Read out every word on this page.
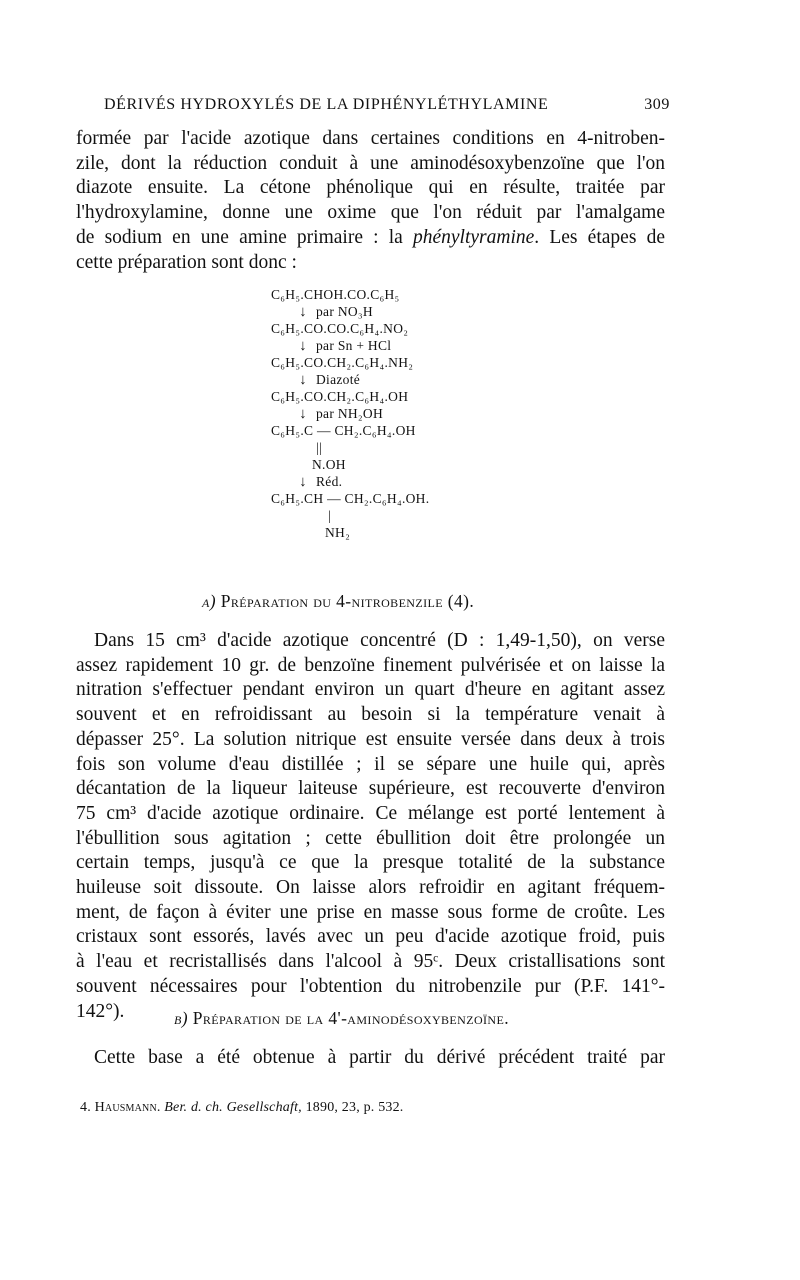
DÉRIVÉS HYDROXYLÉS DE LA DIPHÉNYLÉTHYLAMINE	309
formée par l'acide azotique dans certaines conditions en 4-nitroben-
zile, dont la réduction conduit à une aminodésoxybenzoïne que l'on
diazote ensuite. La cétone phénolique qui en résulte, traitée par
l'hydroxylamine, donne une oxime que l'on réduit par l'amalgame
de sodium en une amine primaire : la phényltyramine. Les étapes de
cette préparation sont donc :
C₆H₅.CHOH.CO.C₆H₅
↓ par NO₃H
C₆H₅.CO.CO.C₆H₄.NO₂
↓ par Sn + HCl
C₆H₅.CO.CH₂.C₆H₄.NH₂
↓ Diazoté
C₆H₅.CO.CH₂.C₆H₄.OH
↓ par NH₂OH
C₆H₅.C — CH₂.C₆H₄.OH
||
N.OH
↓ Réd.
C₆H₅.CH — CH₂.C₆H₄.OH.
|
NH₂
a) Préparation du 4-nitrobenzile (4).
Dans 15 cm³ d'acide azotique concentré (D : 1,49-1,50), on verse
assez rapidement 10 gr. de benzoïne finement pulvérisée et on laisse la
nitration s'effectuer pendant environ un quart d'heure en agitant assez
souvent et en refroidissant au besoin si la température venait à
dépasser 25°. La solution nitrique est ensuite versée dans deux à trois
fois son volume d'eau distillée ; il se sépare une huile qui, après
décantation de la liqueur laiteuse supérieure, est recouverte d'environ
75 cm³ d'acide azotique ordinaire. Ce mélange est porté lentement à
l'ébullition sous agitation ; cette ébullition doit être prolongée un
certain temps, jusqu'à ce que la presque totalité de la substance
huileuse soit dissoute. On laisse alors refroidir en agitant fréquem-
ment, de façon à éviter une prise en masse sous forme de croûte. Les
cristaux sont essorés, lavés avec un peu d'acide azotique froid, puis
à l'eau et recristallisés dans l'alcool à 95ᶜ. Deux cristallisations sont
souvent nécessaires pour l'obtention du nitrobenzile pur (P.F. 141°-
142°).	b) Préparation de la 4'-aminodésoxybenzoïne.
Cette base a été obtenue à partir du dérivé précédent traité par
4. Hausmann. Ber. d. ch. Gesellschaft, 1890, 23, p. 532.
